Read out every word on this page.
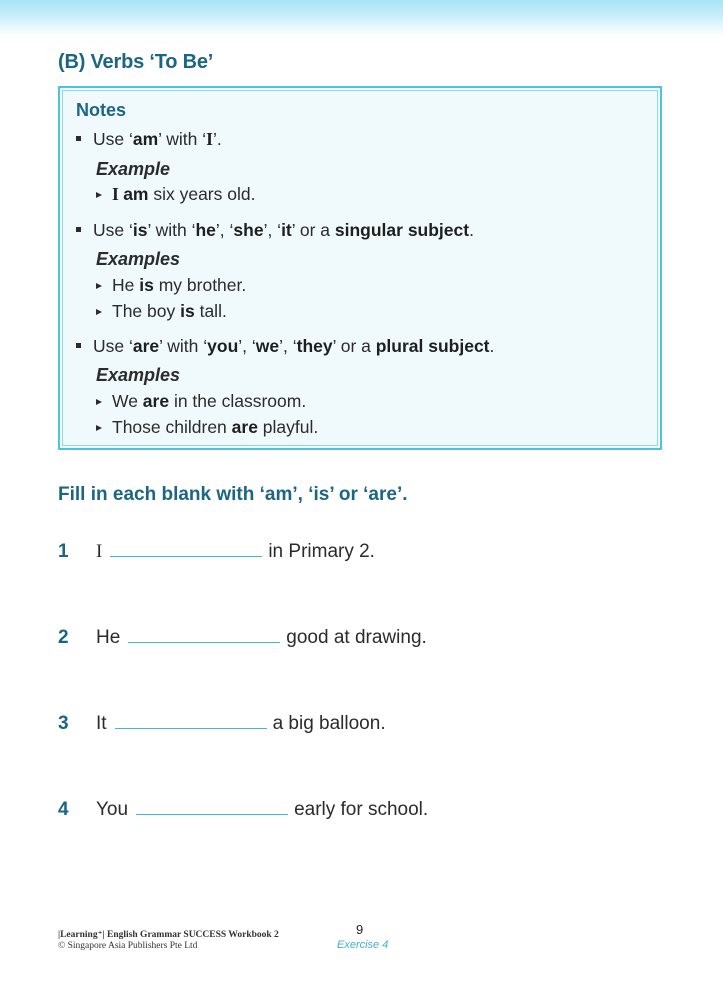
(B) Verbs ‘To Be’
Notes
Use ‘am’ with ‘I’.
Example
I am six years old.
Use ‘is’ with ‘he’, ‘she’, ‘it’ or a singular subject.
Examples
He is my brother.
The boy is tall.
Use ‘are’ with ‘you’, ‘we’, ‘they’ or a plural subject.
Examples
We are in the classroom.
Those children are playful.
Fill in each blank with ‘am’, ‘is’ or ‘are’.
1 I	in Primary 2.
2 He	good at drawing.
3 It	a big balloon.
4 You	early for school.
|Learning⁺| English Grammar SUCCESS Workbook 2
© Singapore Asia Publishers Pte Ltd
9
Exercise 4
